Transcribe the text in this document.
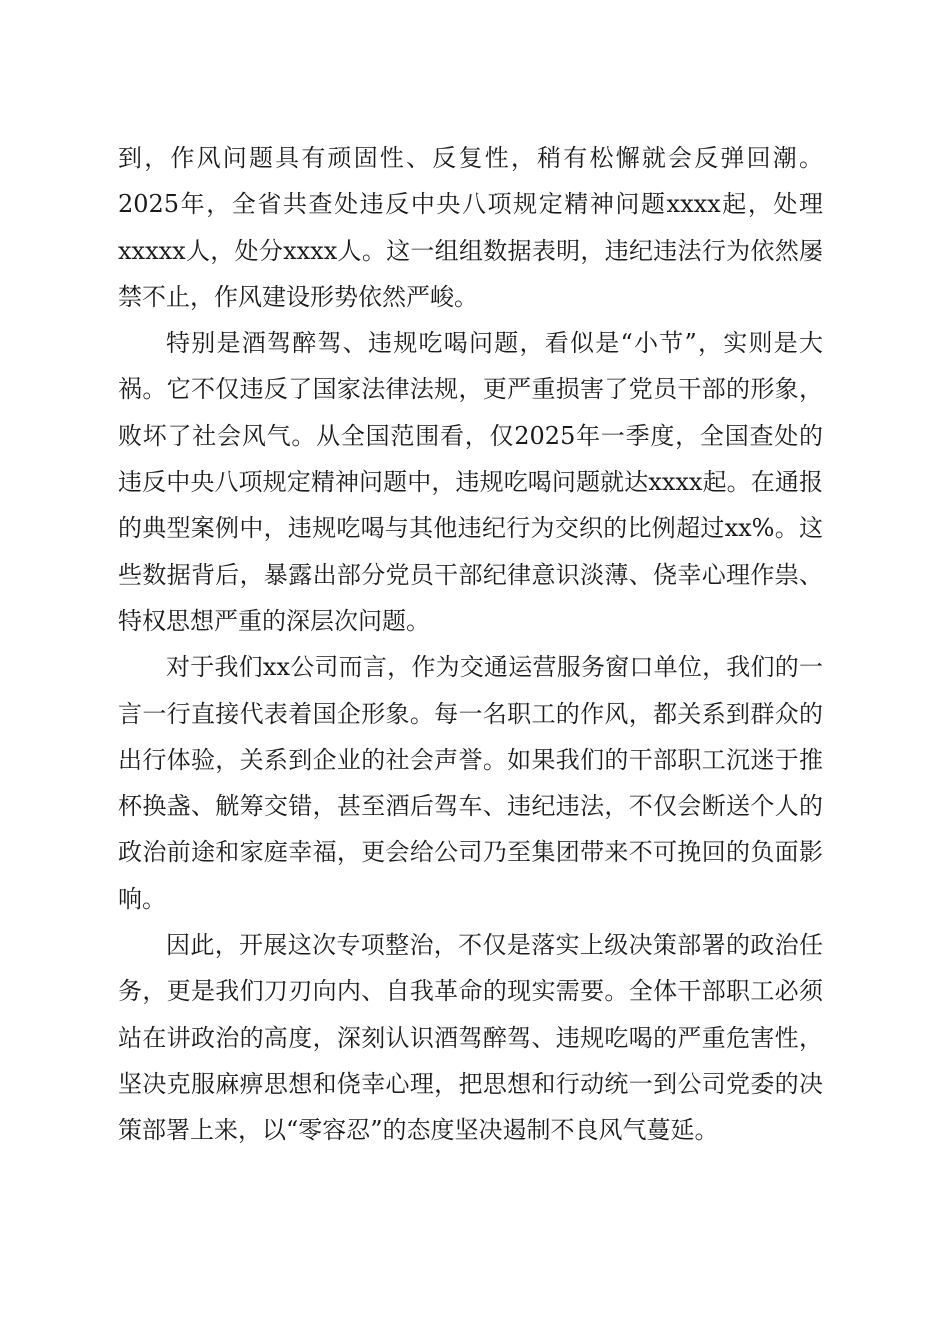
到，作风问题具有顽固性、反复性，稍有松懈就会反弹回潮。2025年，全省共查处违反中央八项规定精神问题xxxx起，处理xxxxx人，处分xxxx人。这一组组数据表明，违纪违法行为依然屡禁不止，作风建设形势依然严峻。

特别是酒驾醉驾、违规吃喝问题，看似是“小节”，实则是大祸。它不仅违反了国家法律法规，更严重损害了党员干部的形象，败坏了社会风气。从全国范围看，仅2025年一季度，全国查处的违反中央八项规定精神问题中，违规吃喝问题就达xxxx起。在通报的典型案例中，违规吃喝与其他违纪行为交织的比例超过xx%。这些数据背后，暴露出部分党员干部纪律意识淡薄、侥幸心理作祟、特权思想严重的深层次问题。

对于我们xx公司而言，作为交通运营服务窗口单位，我们的一言一行直接代表着国企形象。每一名职工的作风，都关系到群众的出行体验，关系到企业的社会声誉。如果我们的干部职工沉迷于推杯换盏、觥筹交错，甚至酒后驾车、违纪违法，不仅会断送个人的政治前途和家庭幸福，更会给公司乃至集团带来不可挽回的负面影响。

因此，开展这次专项整治，不仅是落实上级决策部署的政治任务，更是我们刀刃向内、自我革命的现实需要。全体干部职工必须站在讲政治的高度，深刻认识酒驾醉驾、违规吃喝的严重危害性，坚决克服麻痹思想和侥幸心理，把思想和行动统一到公司党委的决策部署上来，以“零容忍”的态度坚决遏制不良风气蔓延。
